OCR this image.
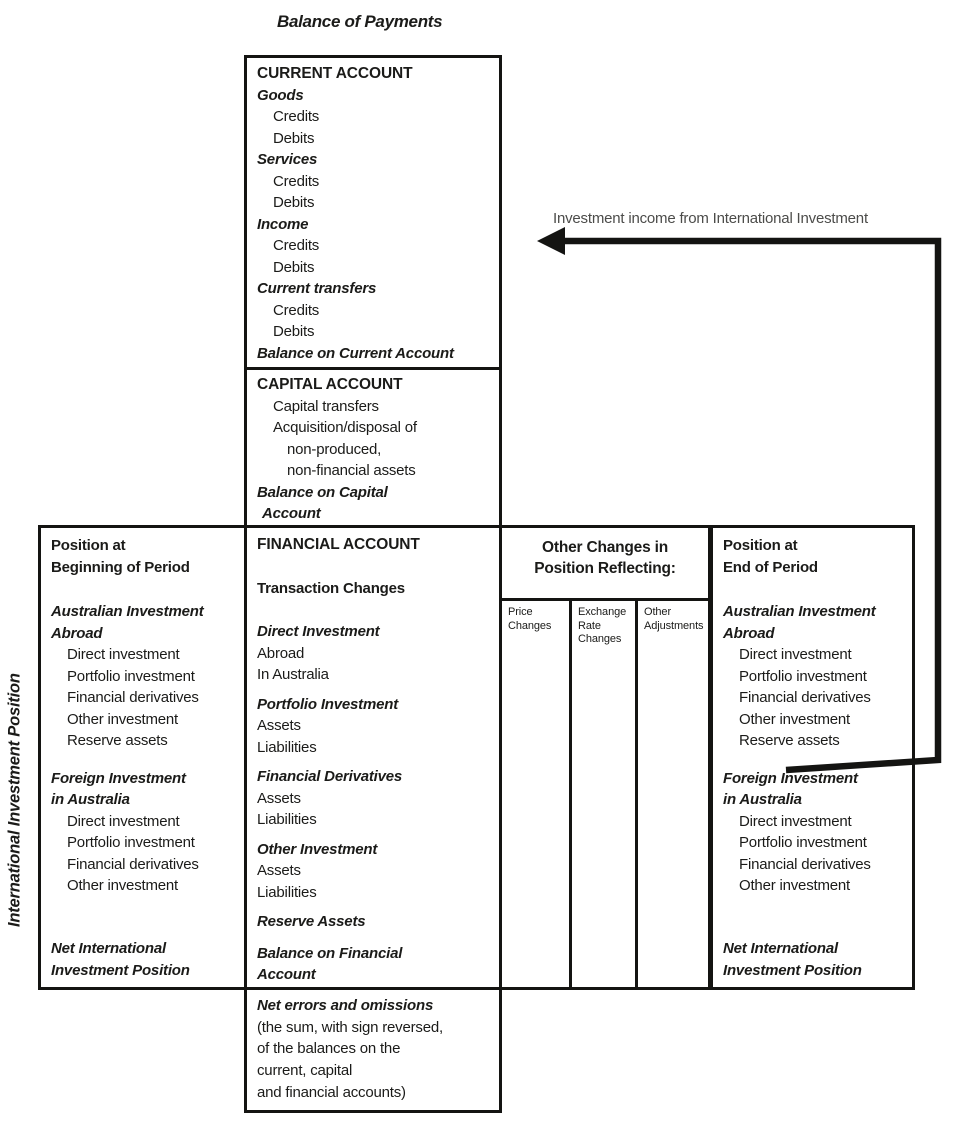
Balance of Payments
CURRENT ACCOUNT
Goods
Credits
Debits
Services
Credits
Debits
Income
Credits
Debits
Current transfers
Credits
Debits
Balance on Current Account
CAPITAL ACCOUNT
Capital transfers
Acquisition/disposal of
non-produced,
non-financial assets
Balance on Capital
Account
FINANCIAL ACCOUNT
Transaction Changes
Direct Investment
Abroad
In Australia
Portfolio Investment
Assets
Liabilities
Financial Derivatives
Assets
Liabilities
Other Investment
Assets
Liabilities
Reserve Assets
Balance on Financial
Account
Position at
Beginning of Period
Australian Investment
Abroad
Direct investment
Portfolio investment
Financial derivatives
Other investment
Reserve assets
Foreign Investment
in Australia
Direct investment
Portfolio investment
Financial derivatives
Other investment
Net International
Investment Position
Other Changes in
Position Reflecting:
Price Changes
Exchange Rate Changes
Other Adjustments
Position at
End of Period
Australian Investment
Abroad
Direct investment
Portfolio investment
Financial derivatives
Other investment
Reserve assets
Foreign Investment
in Australia
Direct investment
Portfolio investment
Financial derivatives
Other investment
Net International
Investment Position
Net errors and omissions
(the sum, with sign reversed,
of the balances on the
current, capital
and financial accounts)
International Investment Position
Investment income from International Investment
